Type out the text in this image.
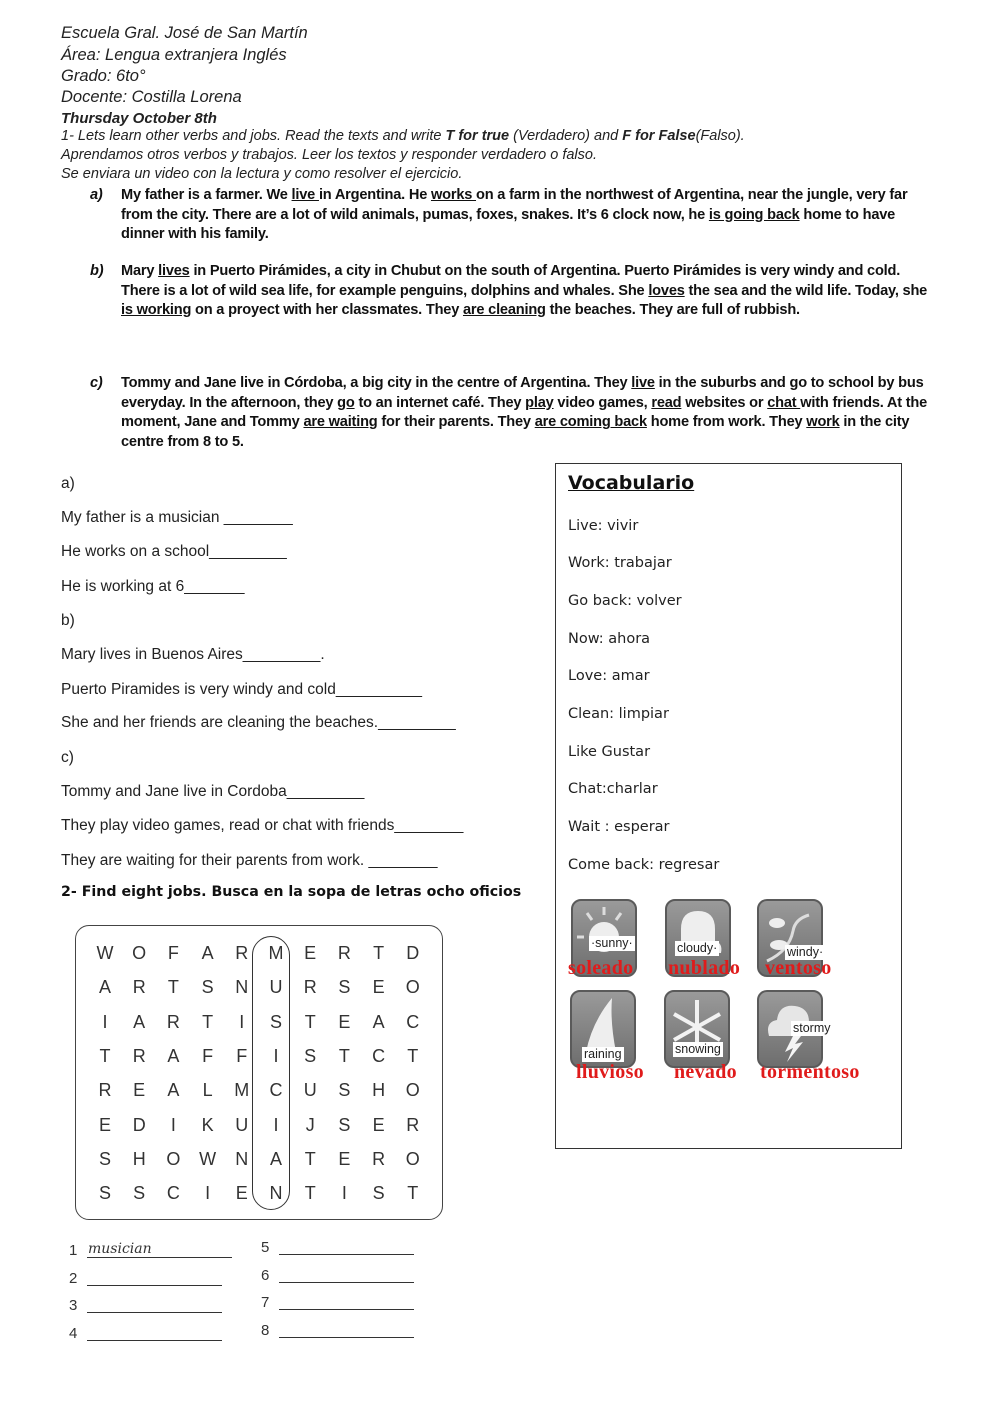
Escuela Gral. José de San Martín
Área: Lengua extranjera Inglés
Grado: 6to°
Docente: Costilla Lorena
Thursday October 8th
1- Lets learn other verbs and jobs. Read the texts and write T for true (Verdadero) and F for False(Falso).
Aprendamos otros verbos y trabajos. Leer los textos y responder verdadero o falso.
Se enviara un video con la lectura y como resolver el ejercicio.
a) My father is a farmer. We live in Argentina. He works on a farm in the northwest of Argentina, near the jungle, very far from the city. There are a lot of wild animals, pumas, foxes, snakes. It’s 6 clock now, he is going back home to have dinner with his family.
b) Mary lives in Puerto Pirámides, a city in Chubut on the south of Argentina. Puerto Pirámides is very windy and cold. There is a lot of wild sea life, for example penguins, dolphins and whales. She loves the sea and the wild life. Today, she is working on a proyect with her classmates. They are cleaning the beaches. They are full of rubbish.
c) Tommy and Jane live in Córdoba, a big city in the centre of Argentina. They live in the suburbs and go to school by bus everyday. In the afternoon, they go to an internet café. They play video games, read websites or chat with friends. At the moment, Jane and Tommy are waiting for their parents. They are coming back home from work. They work in the city centre from 8 to 5.
a)
My father is a musician ________
He works on a school_________
He is working at 6_______
b)
Mary lives in Buenos Aires_________.
Puerto Piramides is very windy and cold__________
She and her friends are cleaning the beaches._________
c)
Tommy and Jane live in Cordoba_________
They play video games, read or chat with friends________
They are waiting for their parents from work. ________
Vocabulario
Live: vivir
Work: trabajar
Go back: volver
Now: ahora
Love: amar
Clean: limpiar
Like Gustar
Chat:charlar
Wait : esperar
Come back: regresar
·sunny·
soleado
cloudy·
nublado
windy·
ventoso
raining
lluvioso
snowing
nevado
stormy
tormentoso
2- Find eight jobs. Busca en la sopa de letras ocho oficios
W	O	F	A	R	M	E	R	T	D
A	R	T	S	N	U	R	S	E	O
I	A	R	T	I	S	T	E	A	C
T	R	A	F	F	I	S	T	C	T
R	E	A	L	M	C	U	S	H	O
E	D	I	K	U	I	J	S	E	R
S	H	O	W	N	A	T	E	R	O
S	S	C	I	E	N	T	I	S	T
1 musician
2
3
4
5
6
7
8
